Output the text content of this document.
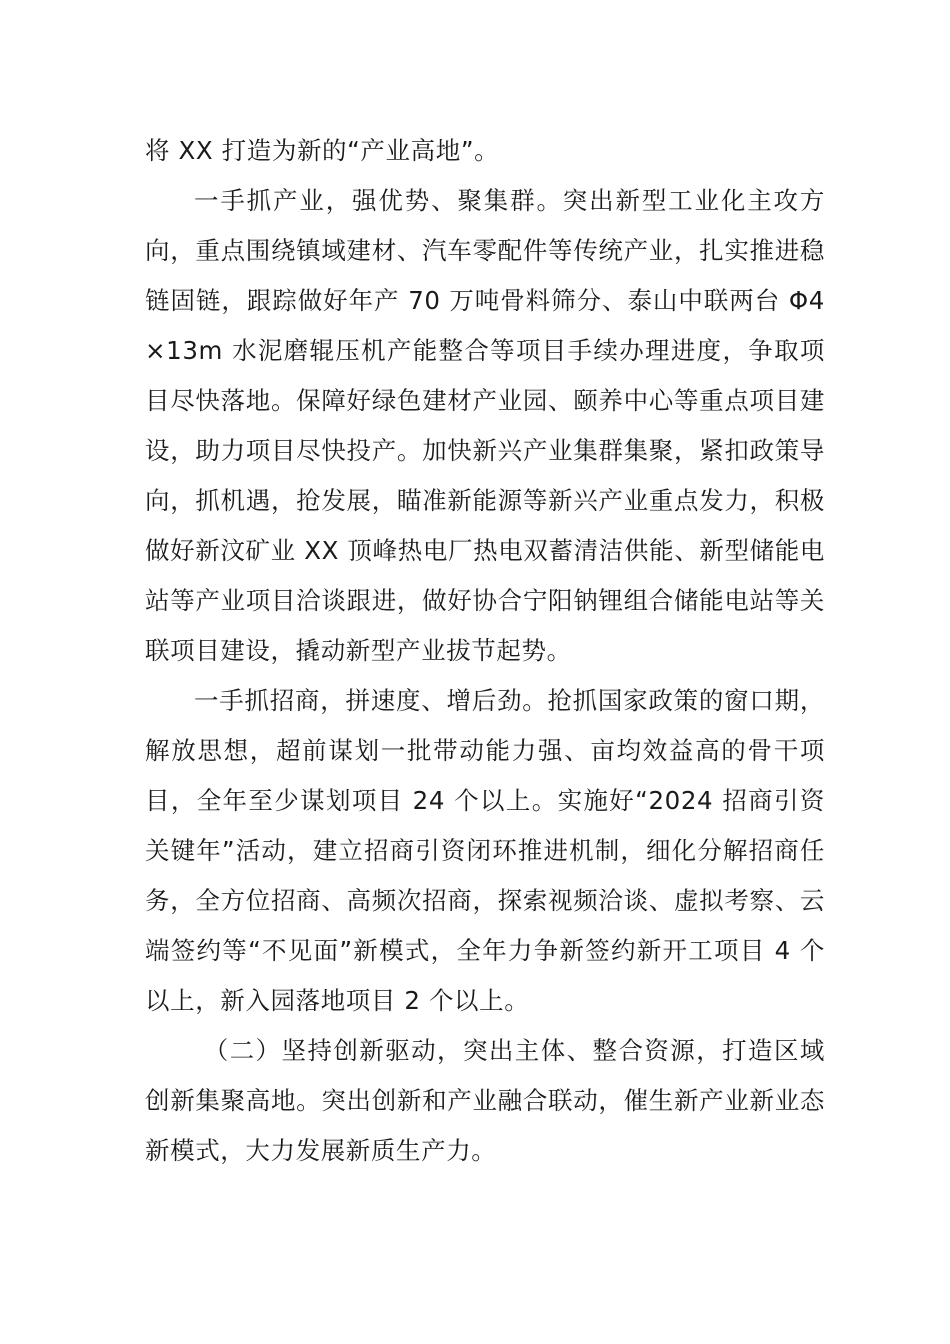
将 XX 打造为新的“产业高地”。

一手抓产业，强优势、聚集群。突出新型工业化主攻方向，重点围绕镇域建材、汽车零配件等传统产业，扎实推进稳链固链，跟踪做好年产 70 万吨骨料筛分、泰山中联两台 Φ4×13m 水泥磨辊压机产能整合等项目手续办理进度，争取项目尽快落地。保障好绿色建材产业园、颐养中心等重点项目建设，助力项目尽快投产。加快新兴产业集群集聚，紧扣政策导向，抓机遇，抢发展，瞄准新能源等新兴产业重点发力，积极做好新汶矿业 XX 顶峰热电厂热电双蓄清洁供能、新型储能电站等产业项目洽谈跟进，做好协合宁阳钠锂组合储能电站等关联项目建设，撬动新型产业拔节起势。

一手抓招商，拼速度、增后劲。抢抓国家政策的窗口期，解放思想，超前谋划一批带动能力强、亩均效益高的骨干项目，全年至少谋划项目 24 个以上。实施好“2024 招商引资关键年”活动，建立招商引资闭环推进机制，细化分解招商任务，全方位招商、高频次招商，探索视频洽谈、虚拟考察、云端签约等“不见面”新模式，全年力争新签约新开工项目 4 个以上，新入园落地项目 2 个以上。

（二）坚持创新驱动，突出主体、整合资源，打造区域创新集聚高地。突出创新和产业融合联动，催生新产业新业态新模式，大力发展新质生产力。
